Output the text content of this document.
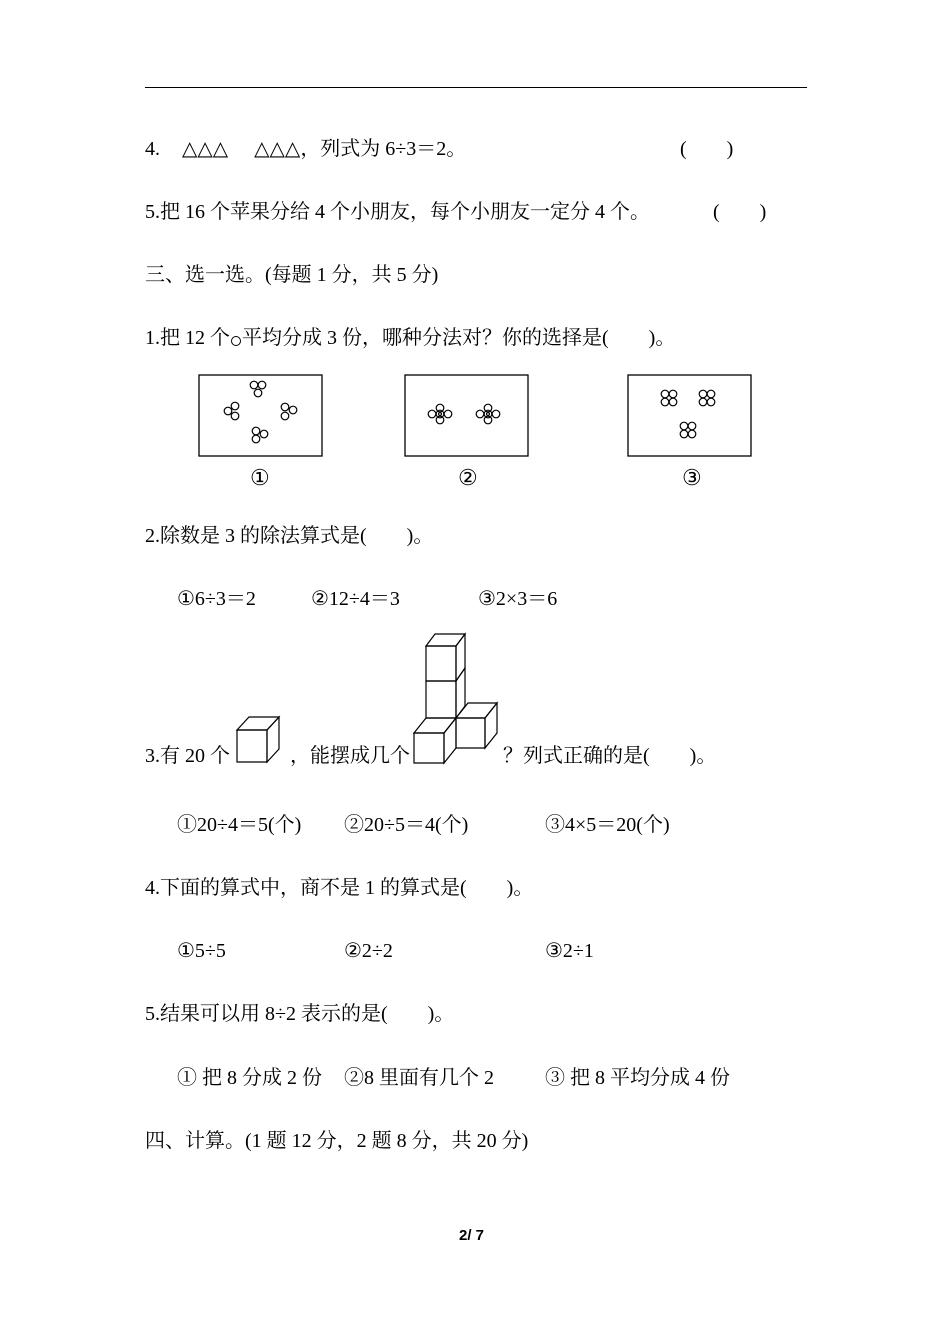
4. △△△ △△△，列式为 6÷3＝2。	(　　)
5.把 16 个苹果分给 4 个小朋友，每个小朋友一定分 4 个。	(　　)
三、选一选。(每题 1 分，共 5 分)
1.把 12 个 平均分成 3 份，哪种分法对？你的选择是(　　)。
①	②	③
2.除数是 3 的除法算式是(　　)。
①6÷3＝2	②12÷4＝3	③2×3＝6
3.有 20 个	，能摆成几个	？列式正确的是(　　)。
①20÷4＝5(个) ②20÷5＝4(个)	③4×5＝20(个)
4.下面的算式中，商不是 1 的算式是(　　)。
①5÷5	②2÷2	③2÷1
5.结果可以用 8÷2 表示的是(　　)。
① 把 8 分成 2 份 ②8 里面有几个 2	③ 把 8 平均分成 4 份
四、计算。(1 题 12 分，2 题 8 分，共 20 分)
2/ 7
